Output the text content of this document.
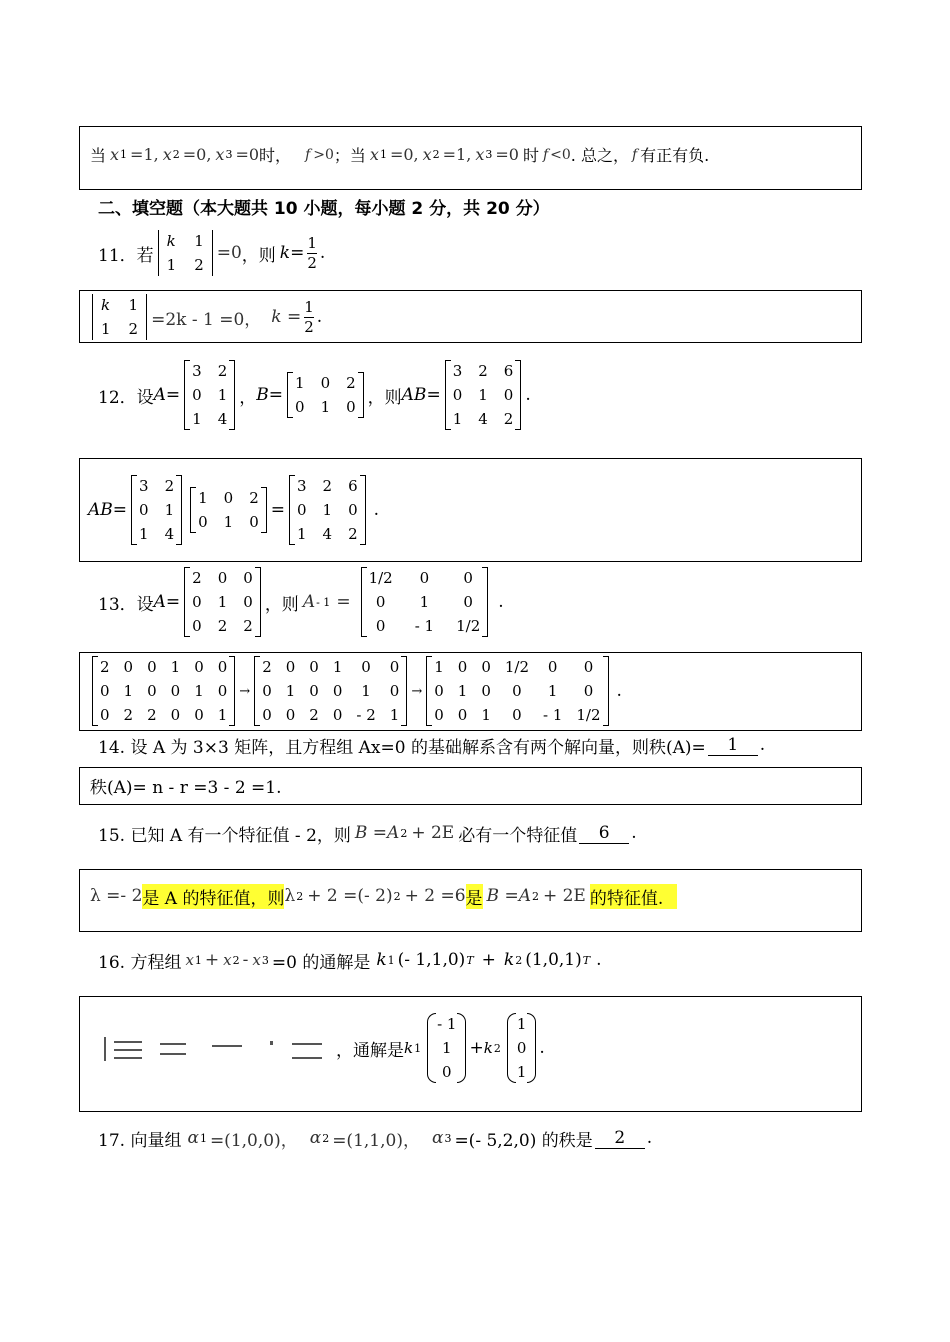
当 x 1 =1, x 2 =0, x 3 =0 时， f >0 ；当 x 1 =0, x 2 =1, x 3 =0 时 f <0 . 总之， f 有正有负.
二、填空题（本大题共 10 小题，每小题 2 分，共 20 分）
11． 若
k 1
1 2
=0 ，则 $k = \frac{1}{2}$ .
k 1
1 2 =2k - 1 =0， $k = \frac{1}{2}$ .
12． 设 A =
3 2
0 1
1 4
， B =
1 0 2
0 1 0 ，则 AB =
3 2 6
0 1 0
1 4 2
.
AB=
3 2
0 1
1 4
1 0 2
0 1 0
=
3 2 6
0 1 0
1 4 2
.
13． 设 A =
2 0 0
0 1 0
0 2 2
，则 A - 1 =
1/2	0	0
0	1	0
0	- 1 1/2
.
2 0 0 1 0 0
0 1 0 0 1 0
0 2 2 0 0 1
→
2 0 0 1	0	0
0 1 0 0	1	0
0 0 2 0 - 2 1
→
1 0 0 1/2	0	0
0 1 0	0	1	0
0 0 1	0	- 1 1/2
.
14. 设 A 为 3×3 矩阵，且方程组 Ax=0 的基础解系含有两个解向量，则秩(A)=	1	.
秩(A)= n - r =3 - 2 =1.
15. 已知 A 有一个特征值 - 2，则 B =A 2 + 2E 必有一个特征值	6	.
λ =- 2 是 A 的特征值，则 λ 2 + 2 =(- 2) 2 + 2 =6 是 B =A 2 + 2E 的特征值.
16. 方程组 x 1 + x 2 - x 3 =0 的通解是 k 1 (- 1,1,0) T + k 2 (1,0,1) T .
，通解是 k 1
- 1
1
0
+ k 2
1
0
1
.
17. 向量组 α 1 =(1,0,0)， α 2 =(1,1,0)， α 3 =(- 5,2,0) 的秩是	2	.
